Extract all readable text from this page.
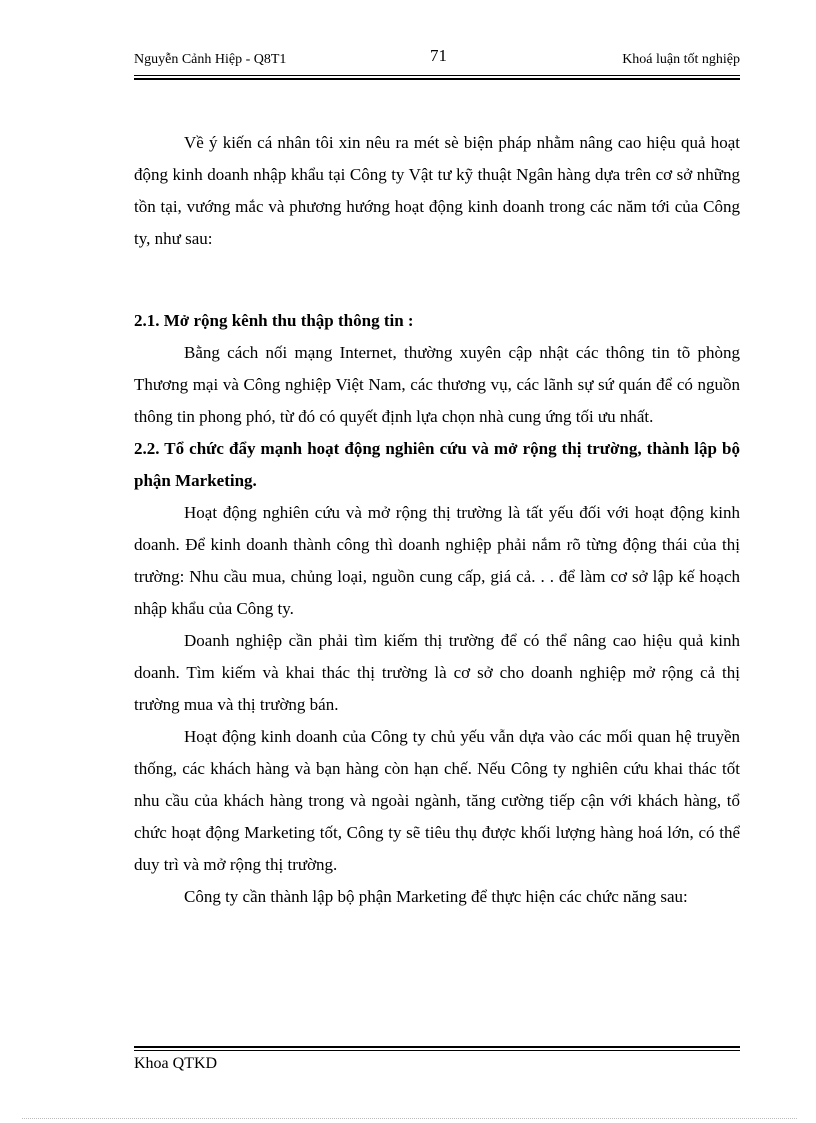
Nguyễn Cảnh Hiệp - Q8T1	71	Khoá luận tốt nghiệp

Về ý kiến cá nhân tôi xin nêu ra mét sè biện pháp nhằm nâng cao hiệu quả hoạt động kinh doanh nhập khẩu tại Công ty Vật tư kỹ thuật Ngân hàng dựa trên cơ sở những tồn tại, vướng mắc và phương hướng hoạt động kinh doanh trong các năm tới của Công ty, như sau:

2.1. Mở rộng kênh thu thập thông tin :

Bằng cách nối mạng Internet, thường xuyên cập nhật các thông tin tõ phòng Thương mại và Công nghiệp Việt Nam, các thương vụ, các lãnh sự sứ quán để có nguồn thông tin phong phó, từ đó có quyết định lựa chọn nhà cung ứng tối ưu nhất.

2.2. Tổ chức đẩy mạnh hoạt động nghiên cứu và mở rộng thị trường, thành lập bộ phận Marketing.

Hoạt động nghiên cứu và mở rộng thị trường là tất yếu đối với hoạt động kinh doanh. Để kinh doanh thành công thì doanh nghiệp phải nắm rõ từng động thái của thị trường: Nhu cầu mua, chủng loại, nguồn cung cấp, giá cả. . . để làm cơ sở lập kế hoạch nhập khẩu của Công ty.

Doanh nghiệp cần phải tìm kiếm thị trường để có thể nâng cao hiệu quả kinh doanh. Tìm kiếm và khai thác thị trường là cơ sở cho doanh nghiệp mở rộng cả thị trường mua và thị trường bán.

Hoạt động kinh doanh của Công ty chủ yếu vẫn dựa vào các mối quan hệ truyền thống, các khách hàng và bạn hàng còn hạn chế. Nếu Công ty nghiên cứu khai thác tốt nhu cầu của khách hàng trong và ngoài ngành, tăng cường tiếp cận với khách hàng, tổ chức hoạt động Marketing tốt, Công ty sẽ tiêu thụ được khối lượng hàng hoá lớn, có thể duy trì và mở rộng thị trường.

Công ty cần thành lập bộ phận Marketing để thực hiện các chức năng sau:

Khoa QTKD
